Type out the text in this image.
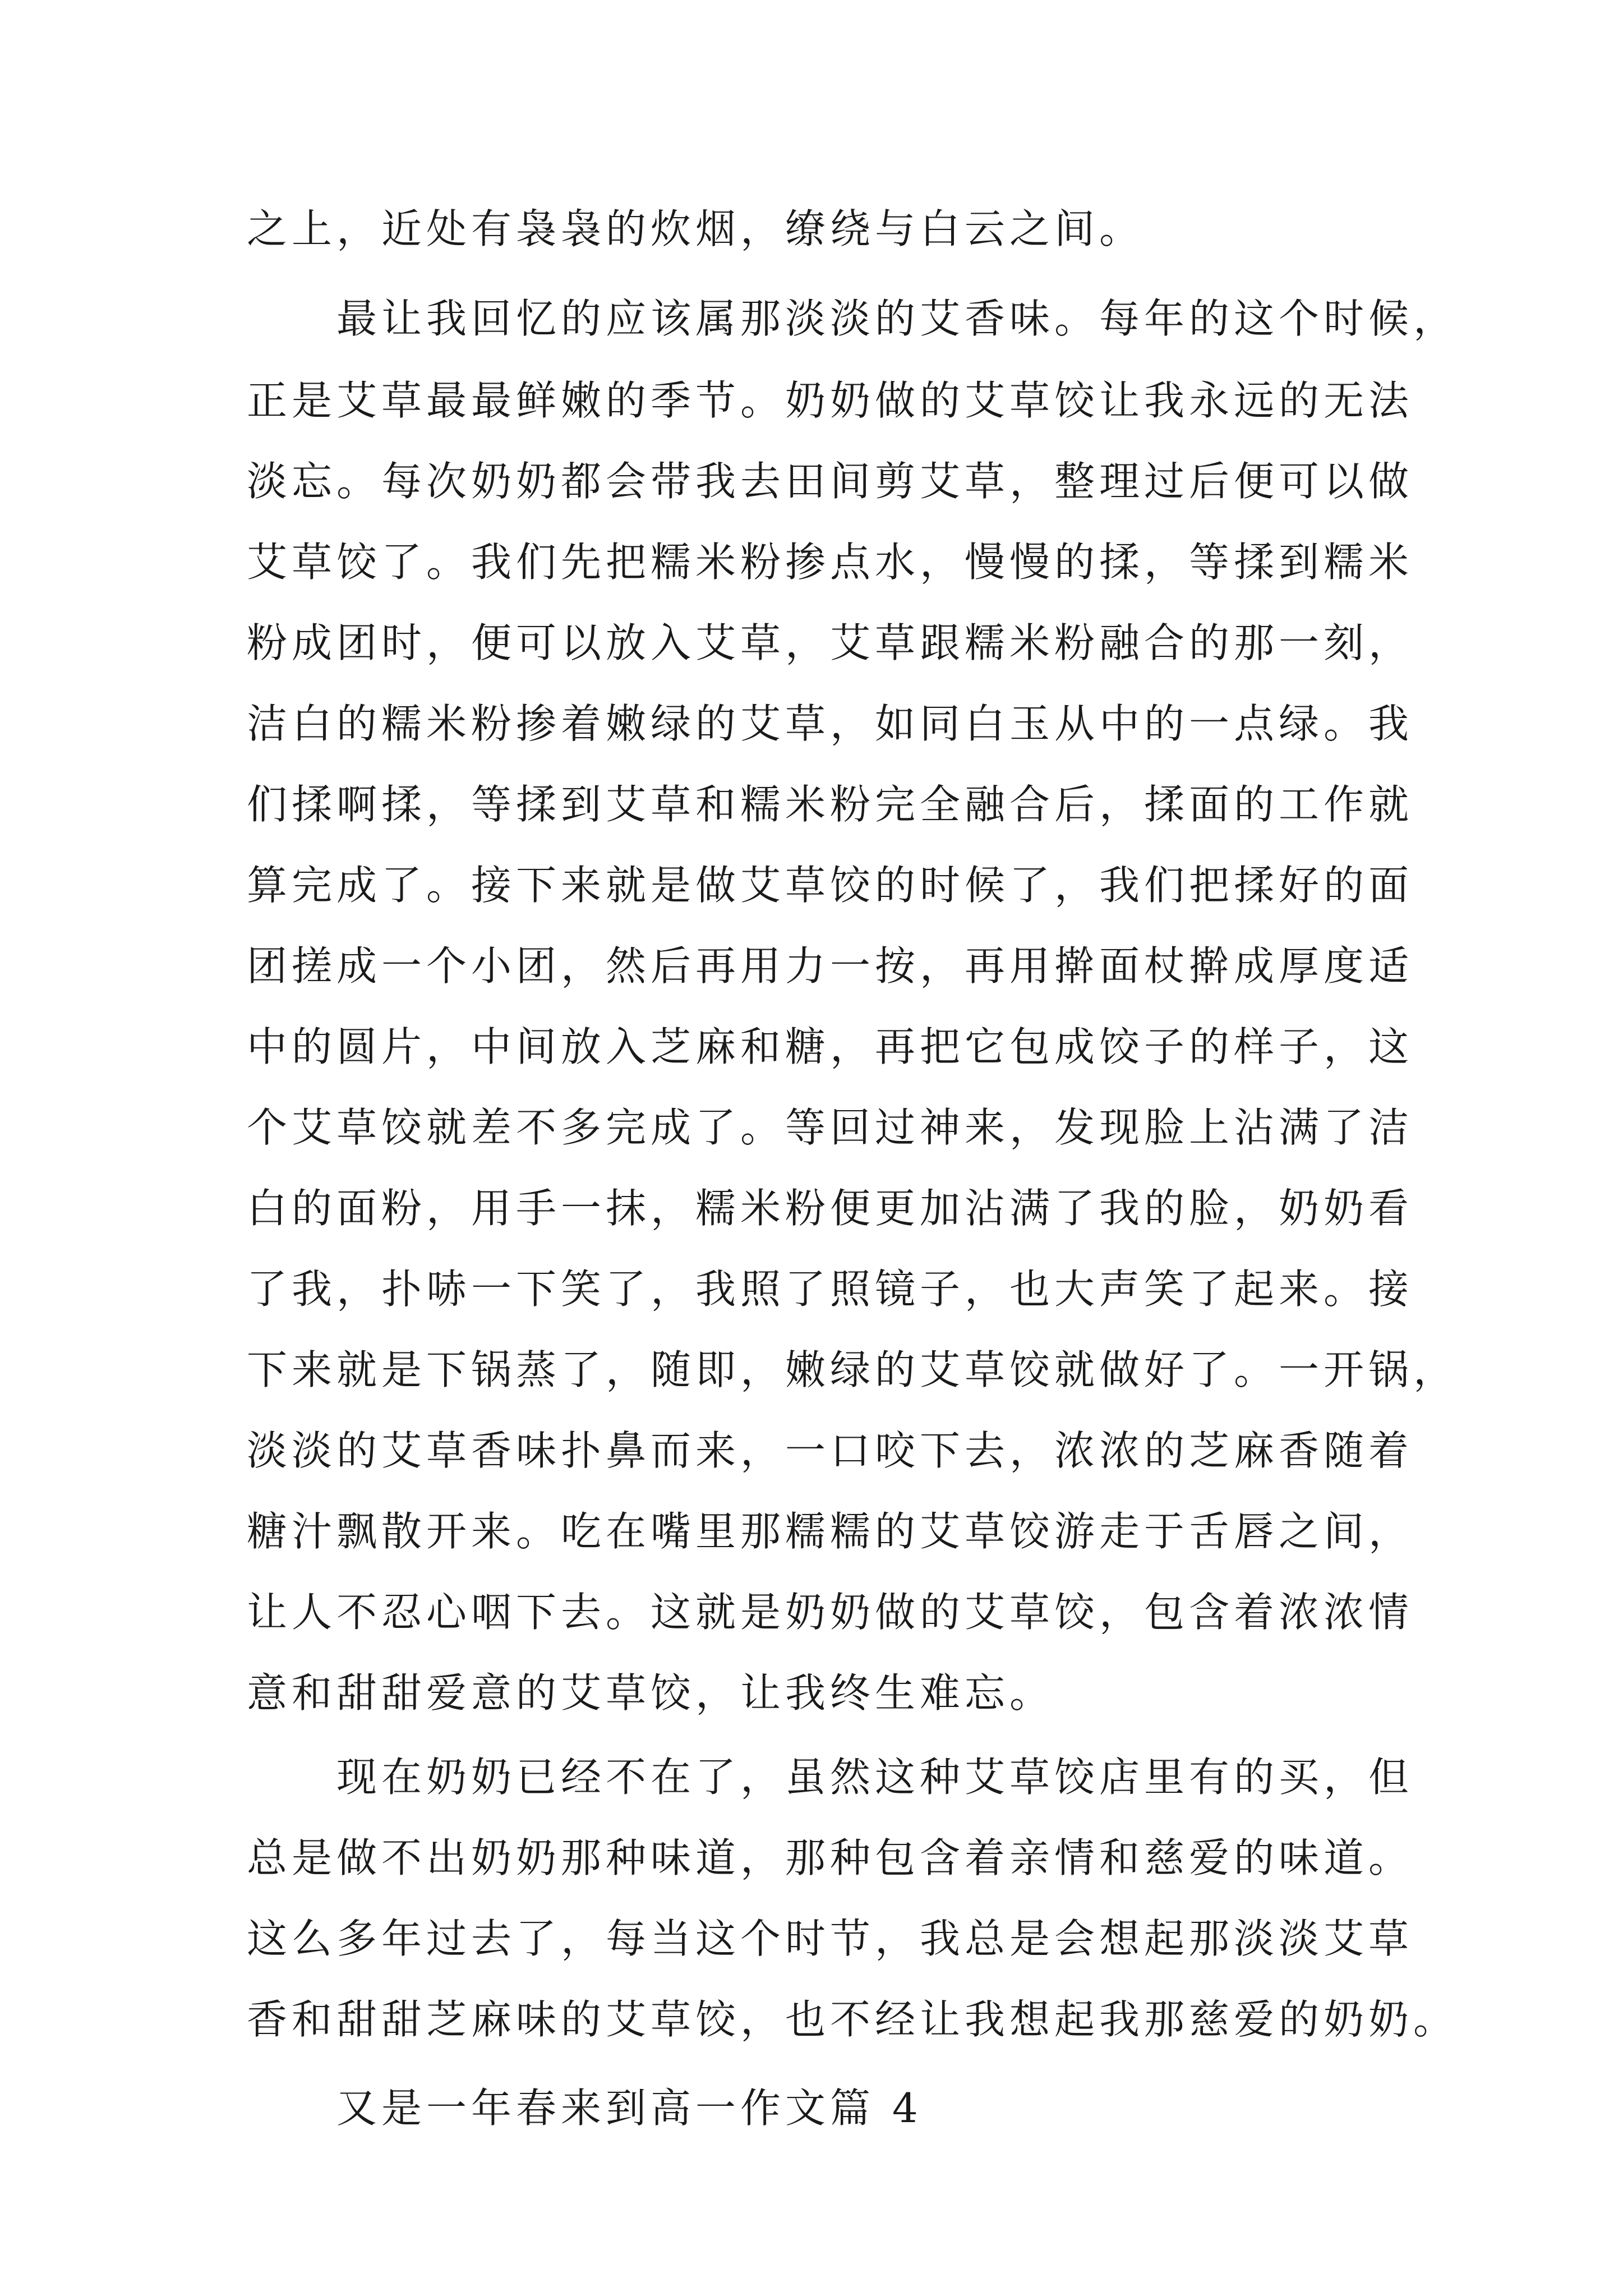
之上，近处有袅袅的炊烟，缭绕与白云之间。
最让我回忆的应该属那淡淡的艾香味。每年的这个时候，
正是艾草最最鲜嫩的季节。奶奶做的艾草饺让我永远的无法
淡忘。每次奶奶都会带我去田间剪艾草，整理过后便可以做
艾草饺了。我们先把糯米粉掺点水，慢慢的揉，等揉到糯米
粉成团时，便可以放入艾草，艾草跟糯米粉融合的那一刻，
洁白的糯米粉掺着嫩绿的艾草，如同白玉从中的一点绿。我
们揉啊揉，等揉到艾草和糯米粉完全融合后，揉面的工作就
算完成了。接下来就是做艾草饺的时候了，我们把揉好的面
团搓成一个小团，然后再用力一按，再用擀面杖擀成厚度适
中的圆片，中间放入芝麻和糖，再把它包成饺子的样子，这
个艾草饺就差不多完成了。等回过神来，发现脸上沾满了洁
白的面粉，用手一抹，糯米粉便更加沾满了我的脸，奶奶看
了我，扑哧一下笑了，我照了照镜子，也大声笑了起来。接
下来就是下锅蒸了，随即，嫩绿的艾草饺就做好了。一开锅，
淡淡的艾草香味扑鼻而来，一口咬下去，浓浓的芝麻香随着
糖汁飘散开来。吃在嘴里那糯糯的艾草饺游走于舌唇之间，
让人不忍心咽下去。这就是奶奶做的艾草饺，包含着浓浓情
意和甜甜爱意的艾草饺，让我终生难忘。
现在奶奶已经不在了，虽然这种艾草饺店里有的买，但
总是做不出奶奶那种味道，那种包含着亲情和慈爱的味道。
这么多年过去了，每当这个时节，我总是会想起那淡淡艾草
香和甜甜芝麻味的艾草饺，也不经让我想起我那慈爱的奶奶。
又是一年春来到高一作文篇 4
